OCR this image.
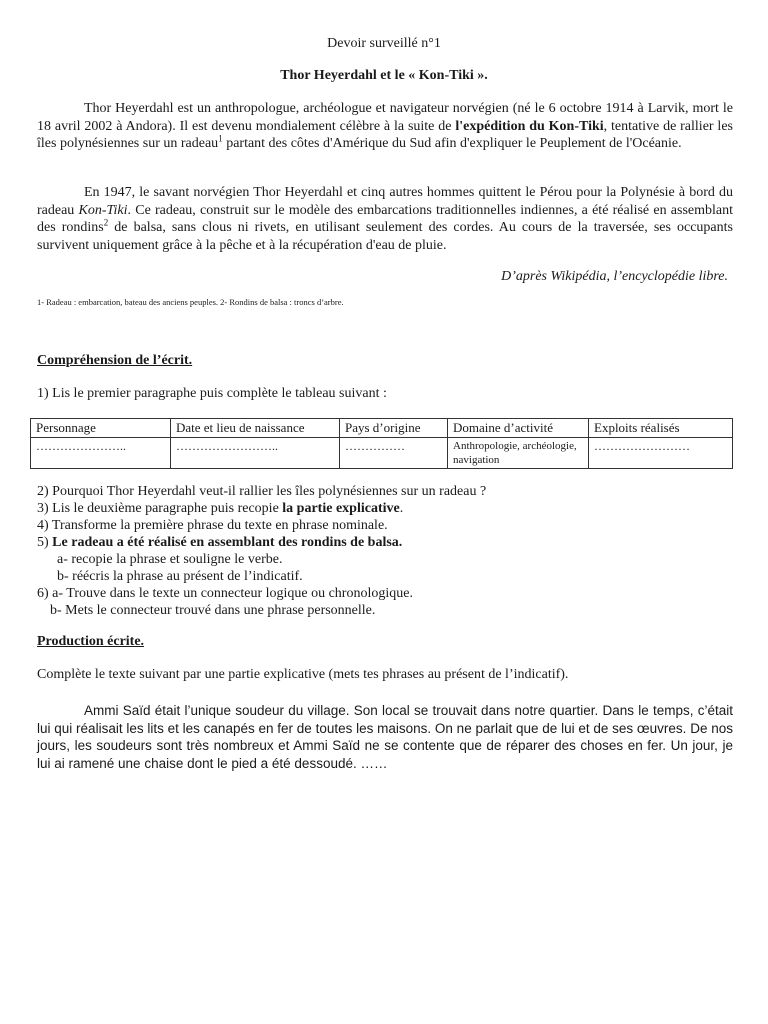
Devoir surveillé n°1
Thor Heyerdahl et le « Kon-Tiki ».

Thor Heyerdahl est un anthropologue, archéologue et navigateur norvégien (né le 6 octobre 1914 à Larvik, mort le 18 avril 2002 à Andora). Il est devenu mondialement célèbre à la suite de l'expédition du Kon-Tiki, tentative de rallier les îles polynésiennes sur un radeau$^1$ partant des côtes d'Amérique du Sud afin d'expliquer le Peuplement de l'Océanie.

En 1947, le savant norvégien Thor Heyerdahl et cinq autres hommes quittent le Pérou pour la Polynésie à bord du radeau Kon-Tiki. Ce radeau, construit sur le modèle des embarcations traditionnelles indiennes, a été réalisé en assemblant des rondins$^2$ de balsa, sans clous ni rivets, en utilisant seulement des cordes. Au cours de la traversée, ses occupants survivent uniquement grâce à la pêche et à la récupération d'eau de pluie.

D’après Wikipédia, l’encyclopédie libre.
1- Radeau : embarcation, bateau des anciens peuples. 2- Rondins de balsa : troncs d’arbre.
Compréhension de l’écrit.
1) Lis le premier paragraphe puis complète le tableau suivant :
Personnage	Date et lieu de naissance	Pays d’origine	Domaine d’activité	Exploits réalisés
…………………..	……………………..	……………	Anthropologie, archéologie, navigation	……………………
2) Pourquoi Thor Heyerdahl veut-il rallier les îles polynésiennes sur un radeau ?
3) Lis le deuxième paragraphe puis recopie la partie explicative.
4) Transforme la première phrase du texte en phrase nominale.
5) Le radeau a été réalisé en assemblant des rondins de balsa.
a- recopie la phrase et souligne le verbe.
b- réécris la phrase au présent de l’indicatif.
6) a- Trouve dans le texte un connecteur logique ou chronologique.
b- Mets le connecteur trouvé dans une phrase personnelle.
Production écrite.
Complète le texte suivant par une partie explicative (mets tes phrases au présent de l’indicatif).

Ammi Saïd était l’unique soudeur du village. Son local se trouvait dans notre quartier. Dans le temps, c’était lui qui réalisait les lits et les canapés en fer de toutes les maisons. On ne parlait que de lui et de ses œuvres. De nos jours, les soudeurs sont très nombreux et Ammi Saïd ne se contente que de réparer des choses en fer. Un jour, je lui ai ramené une chaise dont le pied a été dessoudé. ……
